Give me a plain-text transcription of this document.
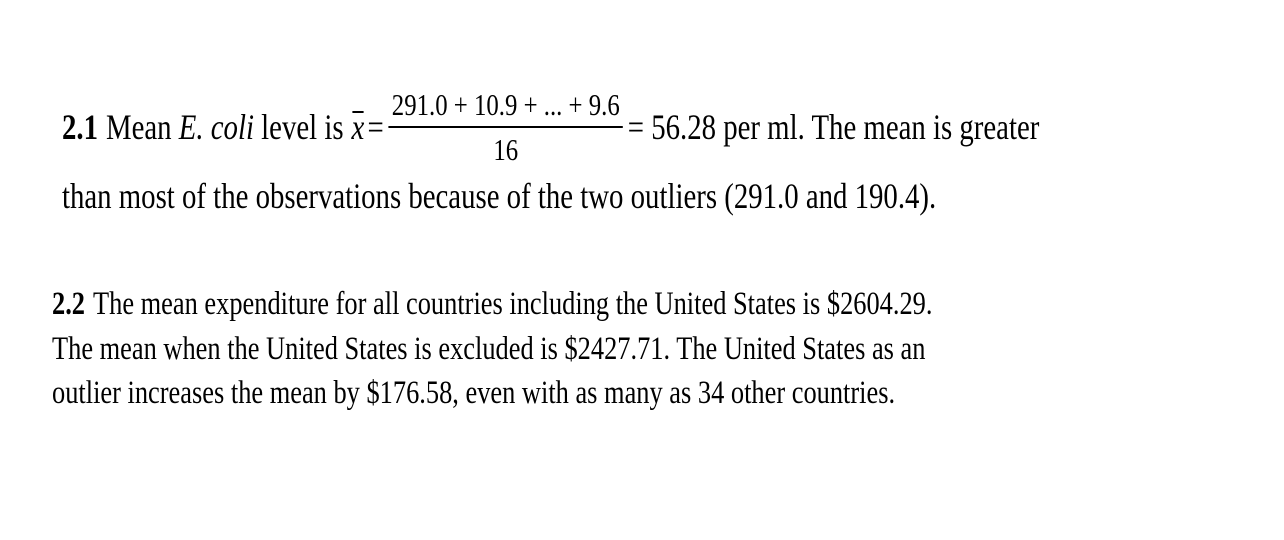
2.1 Mean
E. coli
level is $x = \frac{291.0 + 10.9 + ... + 9.6}{16} = 56.28$ per ml. The mean is greater
than most of the observations because of the two outliers (291.0 and 190.4).
2.2 The mean expenditure for all countries including the United States is $2604.29.
The mean when the United States is excluded is $2427.71. The United States as an
outlier increases the mean by $176.58, even with as many as 34 other countries.
